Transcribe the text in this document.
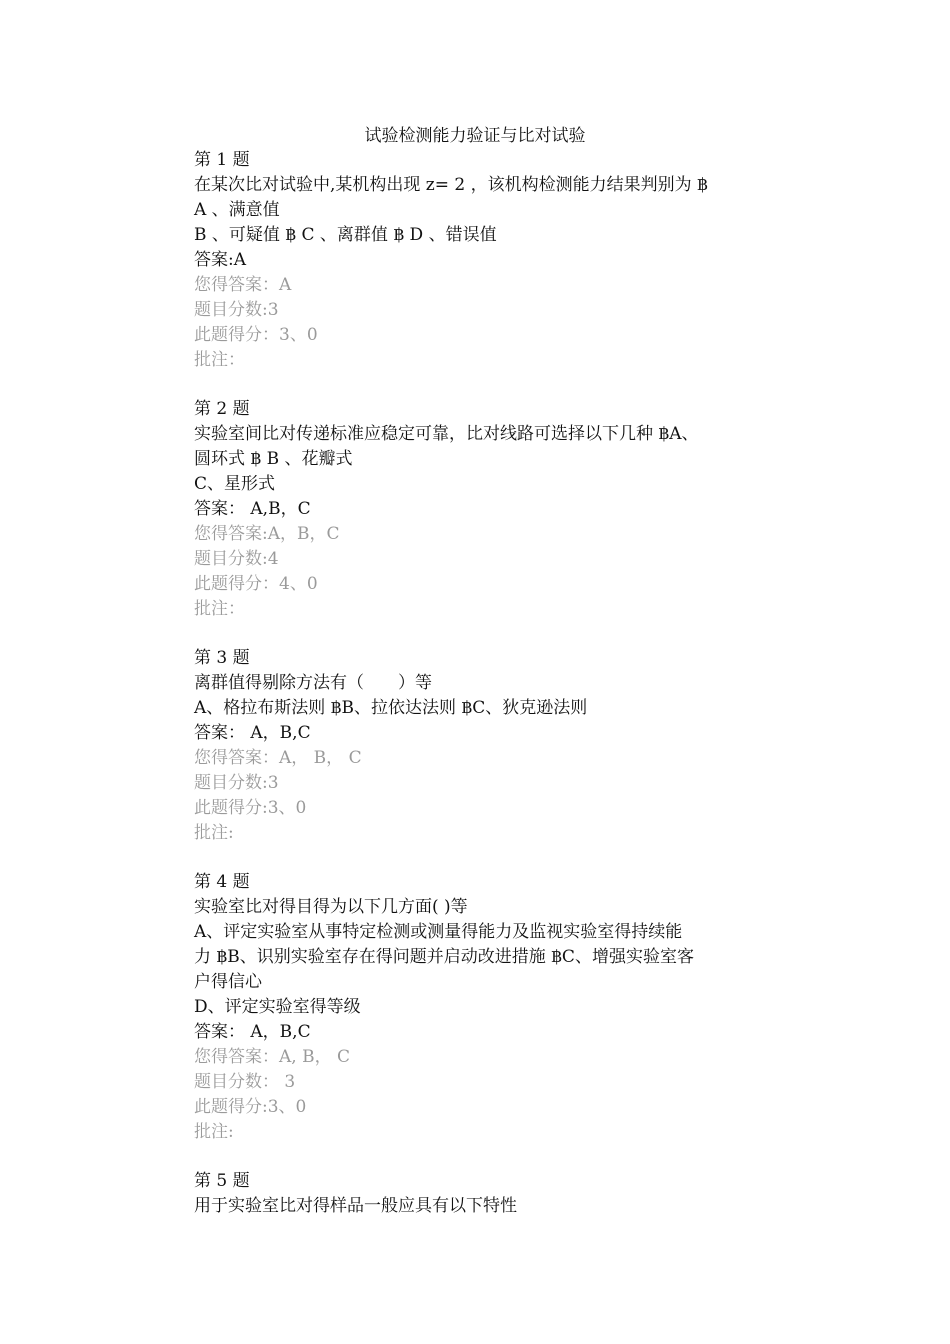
试验检测能力验证与比对试验
第 1 题
在某次比对试验中,某机构出现 z= 2 ，该机构检测能力结果判别为 ฿
A 、满意值
B 、可疑值 ฿ C 、离群值 ฿ D 、错误值
答案:A
您得答案：A
题目分数:3
此题得分：3、0
批注：
第 2 题
实验室间比对传递标准应稳定可靠，比对线路可选择以下几种 ฿A、
圆环式 ฿ B 、花瓣式
C、星形式
答案： A,B，C
您得答案:A，B，C
题目分数:4
此题得分：4、0
批注：
第 3 题
离群值得剔除方法有（　　）等
A、格拉布斯法则 ฿B、拉依达法则 ฿C、狄克逊法则
答案： A，B,C
您得答案：A， B， C
题目分数:3
此题得分:3、0
批注:
第 4 题
实验室比对得目得为以下几方面( )等
A、评定实验室从事特定检测或测量得能力及监视实验室得持续能
力 ฿B、识别实验室存在得问题并启动改进措施 ฿C、增强实验室客
户得信心
D、评定实验室得等级
答案： A，B,C
您得答案：A, B， C
题目分数： 3
此题得分:3、0
批注:
第 5 题
用于实验室比对得样品一般应具有以下特性
